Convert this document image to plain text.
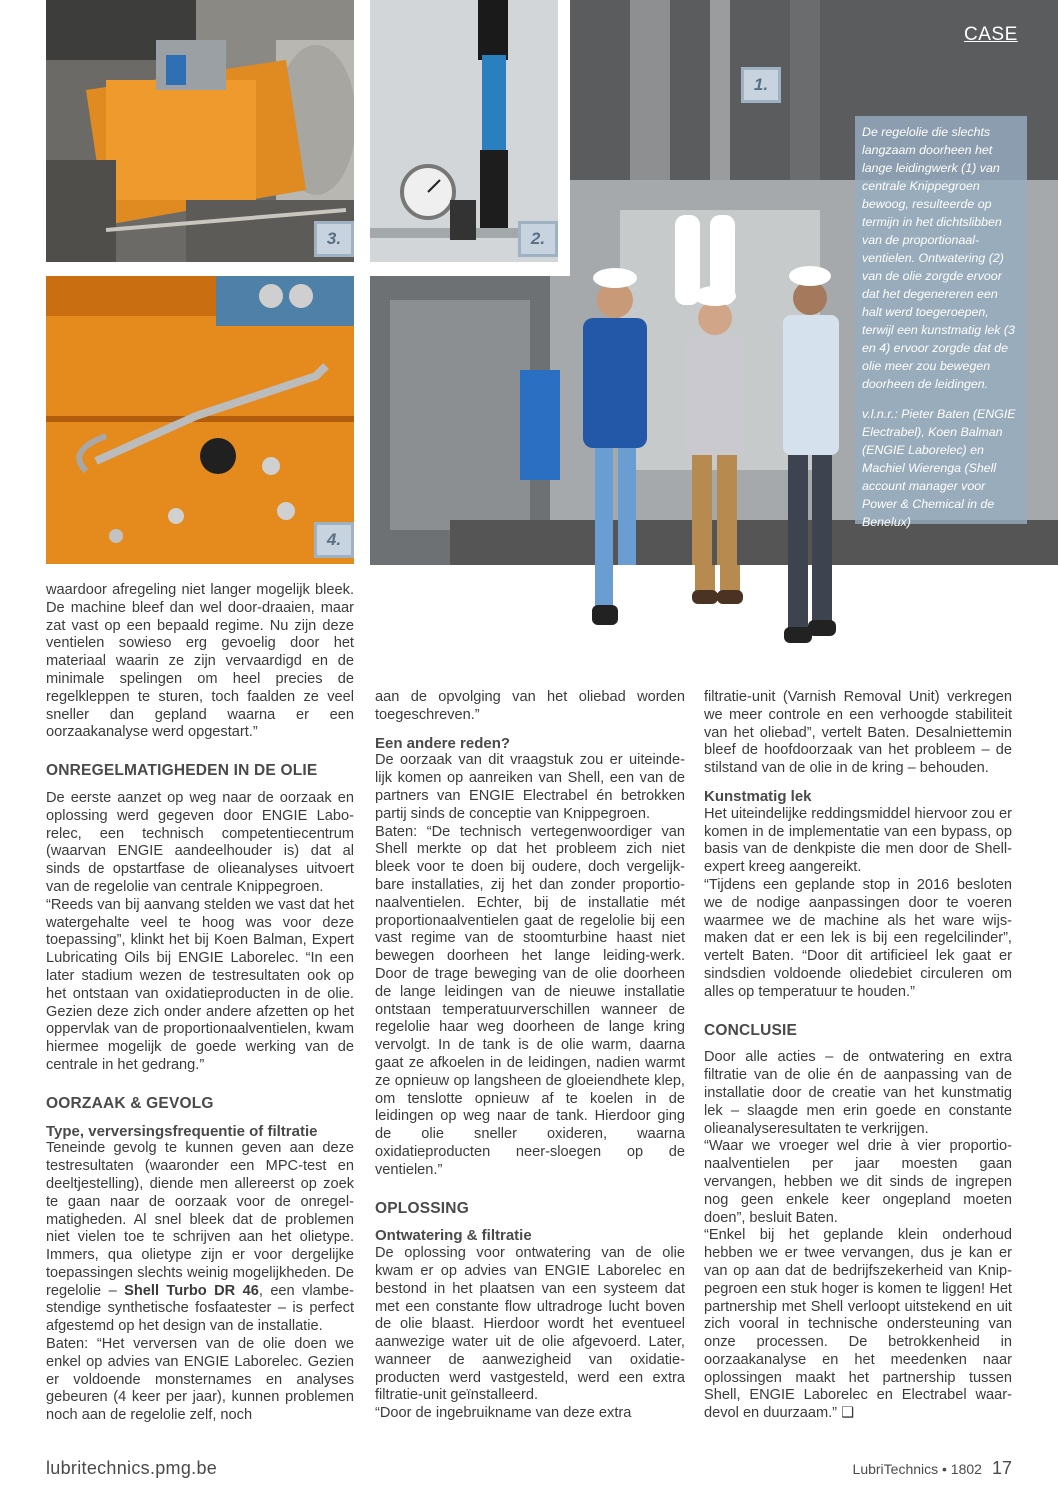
3.	2.
4.
1.
CASE

De regelolie die slechts langzaam doorheen het lange leidingwerk (1) van centrale Knippegroen bewoog, resulteerde op termijn in het dichtslibben van de proportionaal-ventielen. Ontwatering (2) van de olie zorgde ervoor dat het degenereren een halt werd toegeroepen, terwijl een kunstmatig lek (3 en 4) ervoor zorgde dat de olie meer zou bewegen doorheen de leidingen.

v.l.n.r.: Pieter Baten (ENGIE Electrabel), Koen Balman (ENGIE Laborelec) en Machiel Wierenga (Shell account manager voor Power & Chemical in de Benelux)

waardoor afregeling niet langer mogelijk bleek. De machine bleef dan wel door-draaien, maar zat vast op een bepaald regime. Nu zijn deze ventielen sowieso erg gevoelig door het materiaal waarin ze zijn vervaardigd en de minimale spelingen om heel precies de regelkleppen te sturen, toch faalden ze veel sneller dan gepland waarna er een oorzaakanalyse werd opgestart.”

ONREGELMATIGHEDEN IN DE OLIE

De eerste aanzet op weg naar de oorzaak en oplossing werd gegeven door ENGIE Labo-relec, een technisch competentiecentrum (waarvan ENGIE aandeelhouder is) dat al sinds de opstartfase de olieanalyses uitvoert van de regelolie van centrale Knippegroen.

“Reeds van bij aanvang stelden we vast dat het watergehalte veel te hoog was voor deze toepassing”, klinkt het bij Koen Balman, Expert Lubricating Oils bij ENGIE Laborelec. “In een later stadium wezen de testresultaten ook op het ontstaan van oxidatieproducten in de olie. Gezien deze zich onder andere afzetten op het oppervlak van de proportionaalventielen, kwam hiermee mogelijk de goede werking van de centrale in het gedrang.”

OORZAAK & GEVOLG
Type, verversingsfrequentie of filtratie

Teneinde gevolg te kunnen geven aan deze testresultaten (waaronder een MPC-test en deeltjestelling), diende men allereerst op zoek te gaan naar de oorzaak voor de onregel-matigheden. Al snel bleek dat de problemen niet vielen toe te schrijven aan het olietype. Immers, qua olietype zijn er voor dergelijke toepassingen slechts weinig mogelijkheden. De regelolie – Shell Turbo DR 46, een vlambe-stendige synthetische fosfaatester – is perfect afgestemd op het design van de installatie.

Baten: “Het verversen van de olie doen we enkel op advies van ENGIE Laborelec. Gezien er voldoende monsternames en analyses gebeuren (4 keer per jaar), kunnen problemen noch aan de regelolie zelf, noch

aan de opvolging van het oliebad worden toegeschreven.”

Een andere reden?

De oorzaak van dit vraagstuk zou er uiteinde-lijk komen op aanreiken van Shell, een van de partners van ENGIE Electrabel én betrokken partij sinds de conceptie van Knippegroen.

Baten: “De technisch vertegenwoordiger van Shell merkte op dat het probleem zich niet bleek voor te doen bij oudere, doch vergelijk-bare installaties, zij het dan zonder proportio-naalventielen. Echter, bij de installatie mét proportionaalventielen gaat de regelolie bij een vast regime van de stoomturbine haast niet bewegen doorheen het lange leiding-werk. Door de trage beweging van de olie doorheen de lange leidingen van de nieuwe installatie ontstaan temperatuurverschillen wanneer de regelolie haar weg doorheen de lange kring vervolgt. In de tank is de olie warm, daarna gaat ze afkoelen in de leidingen, nadien warmt ze opnieuw op langsheen de gloeiendhete klep, om tenslotte opnieuw af te koelen in de leidingen op weg naar de tank. Hierdoor ging de olie sneller oxideren, waarna oxidatieproducten neer-sloegen op de ventielen.”

OPLOSSING
Ontwatering & filtratie

De oplossing voor ontwatering van de olie kwam er op advies van ENGIE Laborelec en bestond in het plaatsen van een systeem dat met een constante flow ultradroge lucht boven de olie blaast. Hierdoor wordt het eventueel aanwezige water uit de olie afgevoerd. Later, wanneer de aanwezigheid van oxidatie-producten werd vastgesteld, werd een extra filtratie-unit geïnstalleerd.

“Door de ingebruikname van deze extra

filtratie-unit (Varnish Removal Unit) verkregen we meer controle en een verhoogde stabiliteit van het oliebad”, vertelt Baten. Desalniettemin bleef de hoofdoorzaak van het probleem – de stilstand van de olie in de kring – behouden.

Kunstmatig lek

Het uiteindelijke reddingsmiddel hiervoor zou er komen in de implementatie van een bypass, op basis van de denkpiste die men door de Shell-expert kreeg aangereikt.

“Tijdens een geplande stop in 2016 besloten we de nodige aanpassingen door te voeren waarmee we de machine als het ware wijs-maken dat er een lek is bij een regelcilinder”, vertelt Baten. “Door dit artificieel lek gaat er sindsdien voldoende oliedebiet circuleren om alles op temperatuur te houden.”

CONCLUSIE

Door alle acties – de ontwatering en extra filtratie van de olie én de aanpassing van de installatie door de creatie van het kunstmatig lek – slaagde men erin goede en constante olieanalyseresultaten te verkrijgen.

“Waar we vroeger wel drie à vier proportio-naalventielen per jaar moesten gaan vervangen, hebben we dit sinds de ingrepen nog geen enkele keer ongepland moeten doen”, besluit Baten.

“Enkel bij het geplande klein onderhoud hebben we er twee vervangen, dus je kan er van op aan dat de bedrijfszekerheid van Knip-pegroen een stuk hoger is komen te liggen! Het partnership met Shell verloopt uitstekend en uit zich vooral in technische ondersteuning van onze processen. De betrokkenheid in oorzaakanalyse en het meedenken naar oplossingen maakt het partnership tussen Shell, ENGIE Laborelec en Electrabel waar-devol en duurzaam.” ❑

lubritechnics.pmg.be	LubriTechnics • 1802 17
